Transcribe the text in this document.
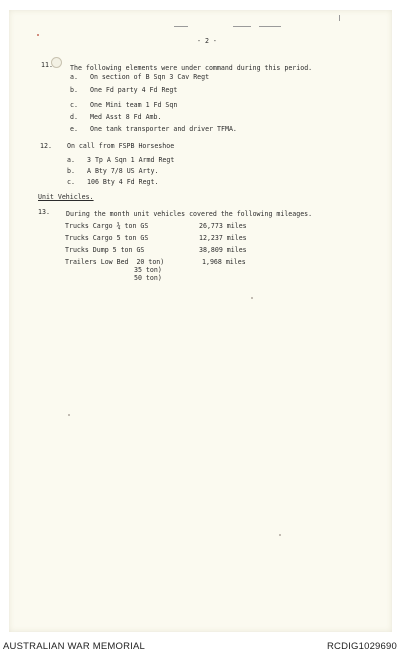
- 2 -
11.	The following elements were under command during this period.
a. On section of B Sqn 3 Cav Regt
b. One Fd party 4 Fd Regt
c. One Mini team 1 Fd Sqn
d. Med Asst 8 Fd Amb.
e. One tank transporter and driver TFMA.
12. On call from FSPB Horseshoe
a. 3 Tp A Sqn 1 Armd Regt
b. A Bty 7/8 US Arty.
c. 106 Bty 4 Fd Regt.
Unit Vehicles.
13. During the month unit vehicles covered the following mileages.
Trucks Cargo ¾ ton GS	26,773 miles
Trucks Cargo 5 ton GS	12,237 miles
Trucks Dump 5 ton GS	38,809 miles
Trailers Low Bed  20 ton)	1,968 miles
35 ton)
50 ton)
AUSTRALIAN WAR MEMORIAL	RCDIG1029690
